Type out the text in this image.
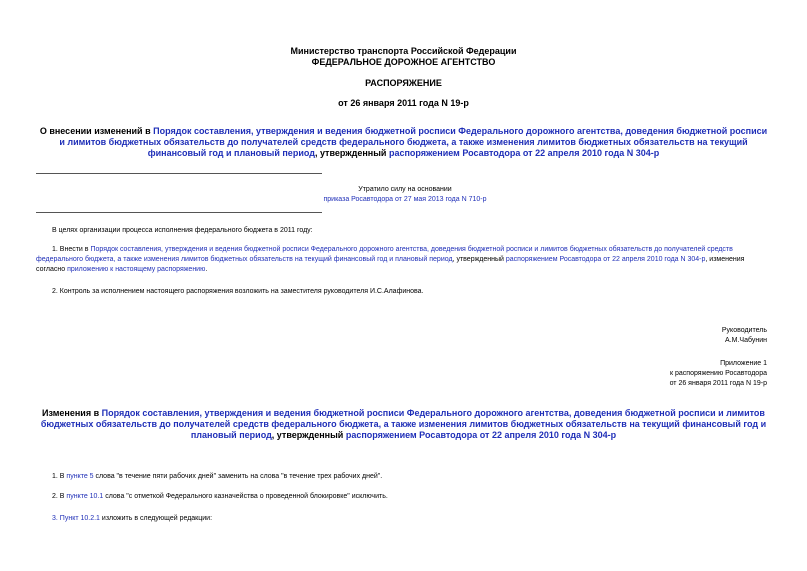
Министерство транспорта Российской Федерации
ФЕДЕРАЛЬНОЕ ДОРОЖНОЕ АГЕНТСТВО
РАСПОРЯЖЕНИЕ
от 26 января 2011 года N 19-р
О внесении изменений в Порядок составления, утверждения и ведения бюджетной росписи Федерального дорожного агентства, доведения бюджетной росписи и лимитов бюджетных обязательств до получателей средств федерального бюджета, а также изменения лимитов бюджетных обязательств на текущий финансовый год и плановый период, утвержденный распоряжением Росавтодора от 22 апреля 2010 года N 304-р
Утратило силу на основании
приказа Росавтодора от 27 мая 2013 года N 710-р
В целях организации процесса исполнения федерального бюджета в 2011 году:
1. Внести в Порядок составления, утверждения и ведения бюджетной росписи Федерального дорожного агентства, доведения бюджетной росписи и лимитов бюджетных обязательств до получателей средств федерального бюджета, а также изменения лимитов бюджетных обязательств на текущий финансовый год и плановый период, утвержденный распоряжением Росавтодора от 22 апреля 2010 года N 304-р, изменения согласно приложению к настоящему распоряжению.
2. Контроль за исполнением настоящего распоряжения возложить на заместителя руководителя И.С.Алафинова.
Руководитель
А.М.Чабунин
Приложение 1
к распоряжению Росавтодора
от 26 января 2011 года N 19-р
Изменения в Порядок составления, утверждения и ведения бюджетной росписи Федерального дорожного агентства, доведения бюджетной росписи и лимитов бюджетных обязательств до получателей средств федерального бюджета, а также изменения лимитов бюджетных обязательств на текущий финансовый год и плановый период, утвержденный распоряжением Росавтодора от 22 апреля 2010 года N 304-р
1. В пункте 5 слова "в течение пяти рабочих дней" заменить на слова "в течение трех рабочих дней".
2. В пункте 10.1 слова "с отметкой Федерального казначейства о проведенной блокировке" исключить.
3. Пункт 10.2.1 изложить в следующей редакции:
